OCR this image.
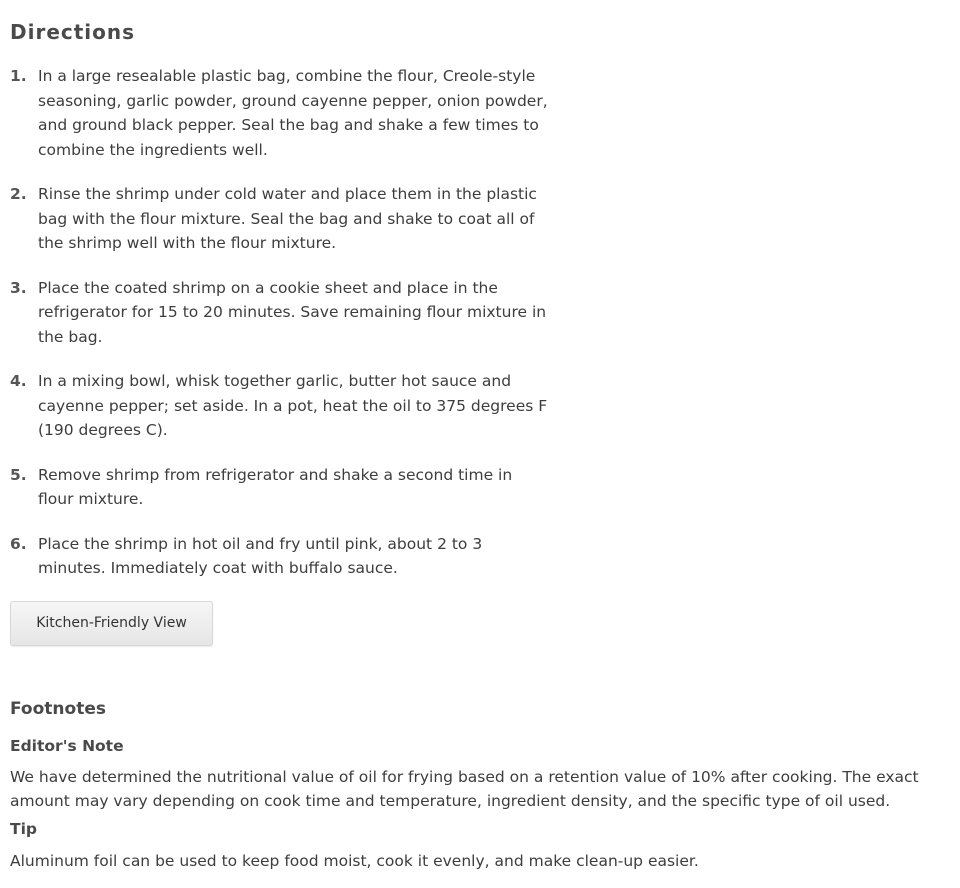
Directions
1. In a large resealable plastic bag, combine the flour, Creole-style seasoning, garlic powder, ground cayenne pepper, onion powder, and ground black pepper. Seal the bag and shake a few times to combine the ingredients well.
2. Rinse the shrimp under cold water and place them in the plastic bag with the flour mixture. Seal the bag and shake to coat all of the shrimp well with the flour mixture.
3. Place the coated shrimp on a cookie sheet and place in the refrigerator for 15 to 20 minutes. Save remaining flour mixture in the bag.
4. In a mixing bowl, whisk together garlic, butter hot sauce and cayenne pepper; set aside. In a pot, heat the oil to 375 degrees F (190 degrees C).
5. Remove shrimp from refrigerator and shake a second time in flour mixture.
6. Place the shrimp in hot oil and fry until pink, about 2 to 3 minutes. Immediately coat with buffalo sauce.
Kitchen-Friendly View
Footnotes
Editor's Note

We have determined the nutritional value of oil for frying based on a retention value of 10% after cooking. The exact amount may vary depending on cook time and temperature, ingredient density, and the specific type of oil used.

Tip

Aluminum foil can be used to keep food moist, cook it evenly, and make clean-up easier.
